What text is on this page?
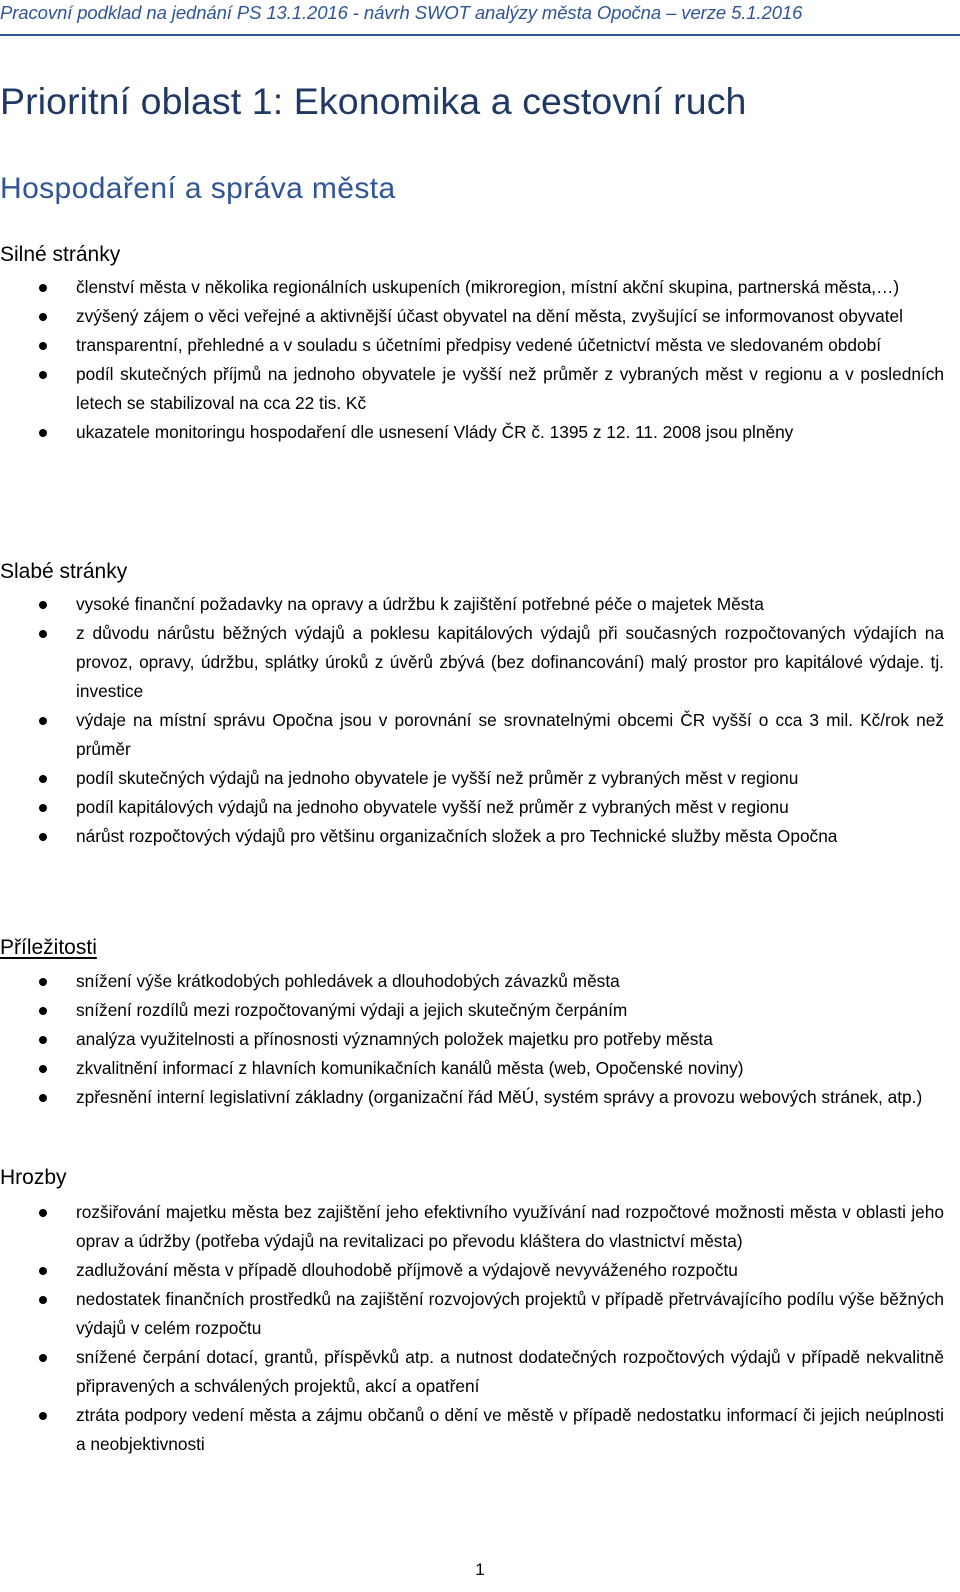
Pracovní podklad na jednání PS 13.1.2016 - návrh SWOT analýzy města Opočna – verze 5.1.2016
Prioritní oblast 1: Ekonomika a cestovní ruch
Hospodaření a správa města
Silné stránky
členství města v několika regionálních uskupeních (mikroregion, místní akční skupina, partnerská města,…)
zvýšený zájem o věci veřejné a aktivnější účast obyvatel na dění města, zvyšující se informovanost obyvatel
transparentní, přehledné a v souladu s účetními předpisy vedené účetnictví města ve sledovaném období
podíl skutečných příjmů na jednoho obyvatele je vyšší než průměr z vybraných měst v regionu a v posledních letech se stabilizoval na cca 22 tis. Kč
ukazatele monitoringu hospodaření dle usnesení Vlády ČR č. 1395 z 12. 11. 2008 jsou plněny
Slabé stránky
vysoké finanční požadavky na opravy a údržbu k zajištění potřebné péče o majetek Města
z důvodu nárůstu běžných výdajů a poklesu kapitálových výdajů při současných rozpočtovaných výdajích na provoz, opravy, údržbu, splátky úroků z úvěrů zbývá (bez dofinancování) malý prostor pro kapitálové výdaje. tj. investice
výdaje na místní správu Opočna jsou v porovnání se srovnatelnými obcemi ČR vyšší o cca 3 mil. Kč/rok než průměr
podíl skutečných výdajů na jednoho obyvatele je vyšší než průměr z vybraných měst v regionu
podíl kapitálových výdajů na jednoho obyvatele vyšší než průměr z vybraných měst v regionu
nárůst rozpočtových výdajů pro většinu organizačních složek a pro Technické služby města Opočna
Příležitosti
snížení výše krátkodobých pohledávek a dlouhodobých závazků města
snížení rozdílů mezi rozpočtovanými výdaji a jejich skutečným čerpáním
analýza využitelnosti a přínosnosti významných položek majetku pro potřeby města
zkvalitnění informací z hlavních komunikačních kanálů města (web, Opočenské noviny)
zpřesnění interní legislativní základny (organizační řád MěÚ, systém správy a provozu webových stránek, atp.)
Hrozby
rozšiřování majetku města bez zajištění jeho efektivního využívání nad rozpočtové možnosti města v oblasti jeho oprav a údržby (potřeba výdajů na revitalizaci po převodu kláštera do vlastnictví města)
zadlužování města v případě dlouhodobě příjmově a výdajově nevyváženého rozpočtu
nedostatek finančních prostředků na zajištění rozvojových projektů v případě přetrvávajícího podílu výše běžných výdajů v celém rozpočtu
snížené čerpání dotací, grantů, příspěvků atp. a nutnost dodatečných rozpočtových výdajů v případě nekvalitně připravených a schválených projektů, akcí a opatření
ztráta podpory vedení města a zájmu občanů o dění ve městě v případě nedostatku informací či jejich neúplnosti a neobjektivnosti
1
